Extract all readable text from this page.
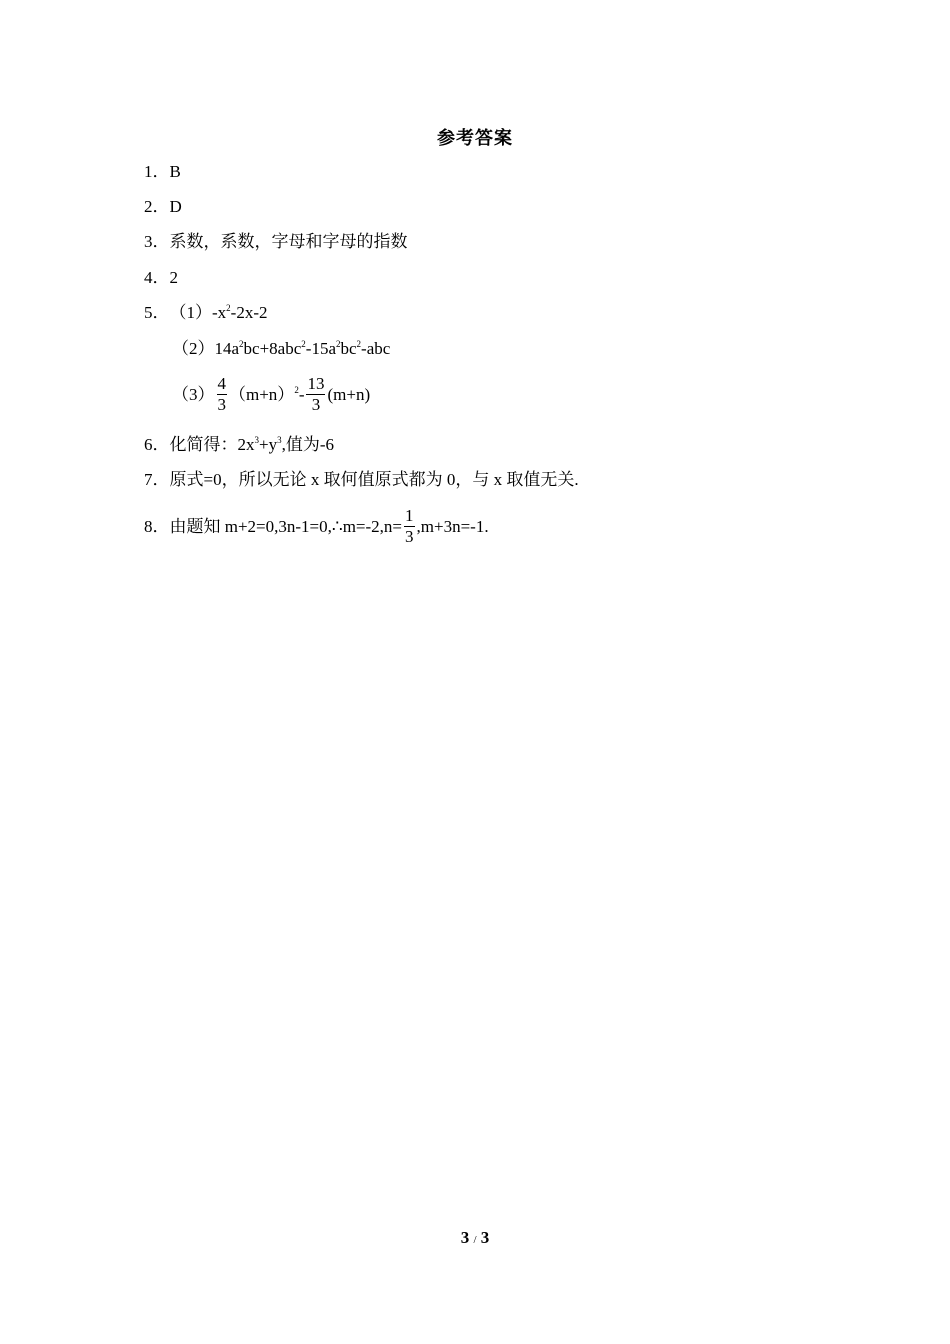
参考答案
1．B
2．D
3．系数，系数，字母和字母的指数
4．2
5．$(1)-x^2-2x-2$
$(2)14a^2bc+8abc^2-15a^2bc^2$-abc
$(3) \frac{4}{3} (m+n)^2- \frac{13}{3} (m+n)$
6．化简得：$2x^3+y^3$,值为-6
7．原式=0，所以无论 x 取何值原式都为 0，与 x 取值无关.
8．由题知 m+2=0,3n-1=0,∴m=-2,n= $\frac{1}{3} ,m+3n=-1$.
3 / 3
